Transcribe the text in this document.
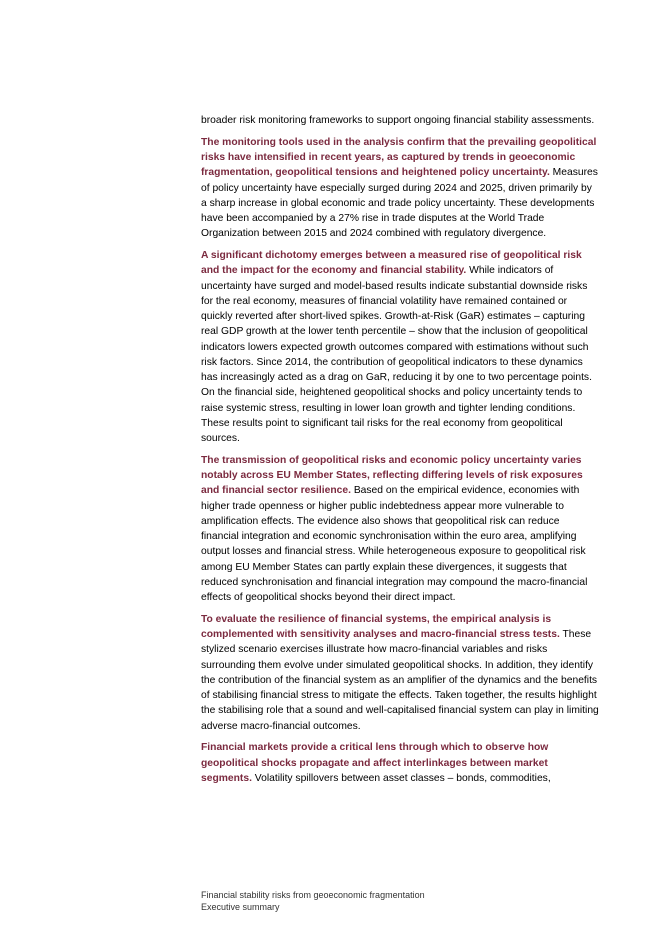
broader risk monitoring frameworks to support ongoing financial stability assessments.

The monitoring tools used in the analysis confirm that the prevailing geopolitical risks have intensified in recent years, as captured by trends in geoeconomic fragmentation, geopolitical tensions and heightened policy uncertainty. Measures of policy uncertainty have especially surged during 2024 and 2025, driven primarily by a sharp increase in global economic and trade policy uncertainty. These developments have been accompanied by a 27% rise in trade disputes at the World Trade Organization between 2015 and 2024 combined with regulatory divergence.

A significant dichotomy emerges between a measured rise of geopolitical risk and the impact for the economy and financial stability. While indicators of uncertainty have surged and model-based results indicate substantial downside risks for the real economy, measures of financial volatility have remained contained or quickly reverted after short-lived spikes. Growth-at-Risk (GaR) estimates – capturing real GDP growth at the lower tenth percentile – show that the inclusion of geopolitical indicators lowers expected growth outcomes compared with estimations without such risk factors. Since 2014, the contribution of geopolitical indicators to these dynamics has increasingly acted as a drag on GaR, reducing it by one to two percentage points. On the financial side, heightened geopolitical shocks and policy uncertainty tends to raise systemic stress, resulting in lower loan growth and tighter lending conditions. These results point to significant tail risks for the real economy from geopolitical sources.

The transmission of geopolitical risks and economic policy uncertainty varies notably across EU Member States, reflecting differing levels of risk exposures and financial sector resilience. Based on the empirical evidence, economies with higher trade openness or higher public indebtedness appear more vulnerable to amplification effects. The evidence also shows that geopolitical risk can reduce financial integration and economic synchronisation within the euro area, amplifying output losses and financial stress. While heterogeneous exposure to geopolitical risk among EU Member States can partly explain these divergences, it suggests that reduced synchronisation and financial integration may compound the macro-financial effects of geopolitical shocks beyond their direct impact.

To evaluate the resilience of financial systems, the empirical analysis is complemented with sensitivity analyses and macro-financial stress tests. These stylized scenario exercises illustrate how macro-financial variables and risks surrounding them evolve under simulated geopolitical shocks. In addition, they identify the contribution of the financial system as an amplifier of the dynamics and the benefits of stabilising financial stress to mitigate the effects. Taken together, the results highlight the stabilising role that a sound and well-capitalised financial system can play in limiting adverse macro-financial outcomes.

Financial markets provide a critical lens through which to observe how geopolitical shocks propagate and affect interlinkages between market segments. Volatility spillovers between asset classes – bonds, commodities,

Financial stability risks from geoeconomic fragmentation
Executive summary
